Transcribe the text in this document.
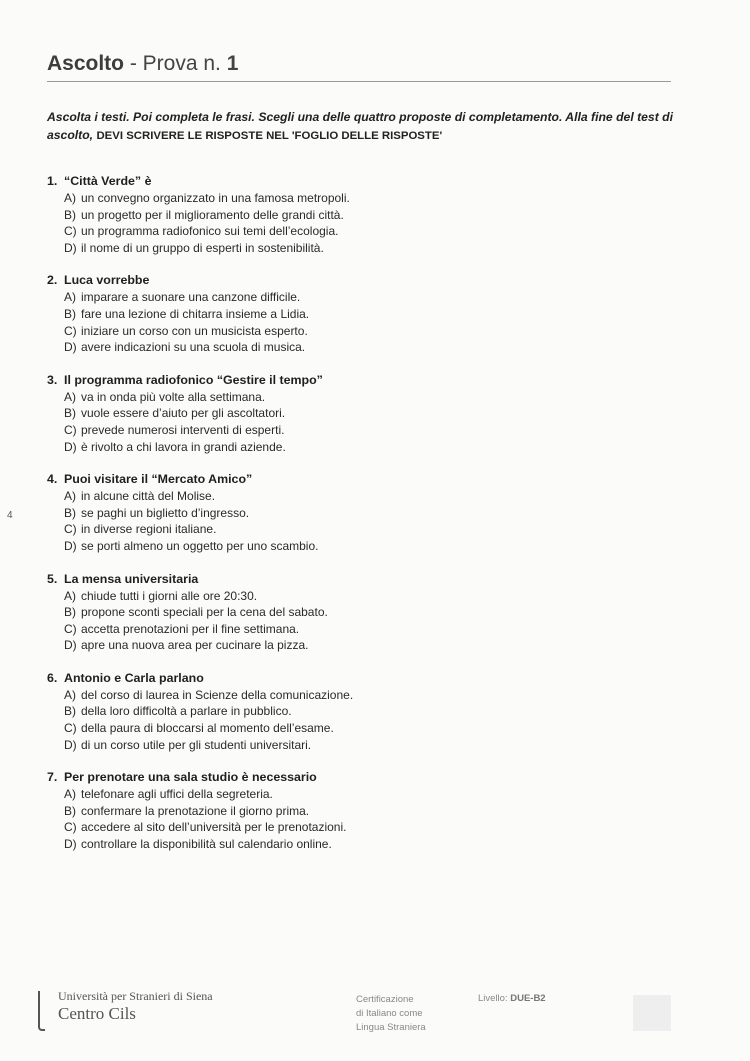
Ascolto - Prova n. 1
Ascolta i testi. Poi completa le frasi. Scegli una delle quattro proposte di completamento. Alla fine del test di ascolto, DEVI SCRIVERE LE RISPOSTE NEL 'FOGLIO DELLE RISPOSTE'
1. “Città Verde” è
A) un convegno organizzato in una famosa metropoli.
B) un progetto per il miglioramento delle grandi città.
C) un programma radiofonico sui temi dell’ecologia.
D) il nome di un gruppo di esperti in sostenibilità.
2. Luca vorrebbe
A) imparare a suonare una canzone difficile.
B) fare una lezione di chitarra insieme a Lidia.
C) iniziare un corso con un musicista esperto.
D) avere indicazioni su una scuola di musica.
3. Il programma radiofonico “Gestire il tempo”
A) va in onda più volte alla settimana.
B) vuole essere d’aiuto per gli ascoltatori.
C) prevede numerosi interventi di esperti.
D) è rivolto a chi lavora in grandi aziende.
4. Puoi visitare il “Mercato Amico”
A) in alcune città del Molise.
B) se paghi un biglietto d’ingresso.
C) in diverse regioni italiane.
D) se porti almeno un oggetto per uno scambio.
5. La mensa universitaria
A) chiude tutti i giorni alle ore 20:30.
B) propone sconti speciali per la cena del sabato.
C) accetta prenotazioni per il fine settimana.
D) apre una nuova area per cucinare la pizza.
6. Antonio e Carla parlano
A) del corso di laurea in Scienze della comunicazione.
B) della loro difficoltà a parlare in pubblico.
C) della paura di bloccarsi al momento dell’esame.
D) di un corso utile per gli studenti universitari.
7. Per prenotare una sala studio è necessario
A) telefonare agli uffici della segreteria.
B) confermare la prenotazione il giorno prima.
C) accedere al sito dell’università per le prenotazioni.
D) controllare la disponibilità sul calendario online.
4
Università per Stranieri di Siena
Centro Cils
Certificazione
di Italiano come
Lingua Straniera
Livello: DUE-B2
